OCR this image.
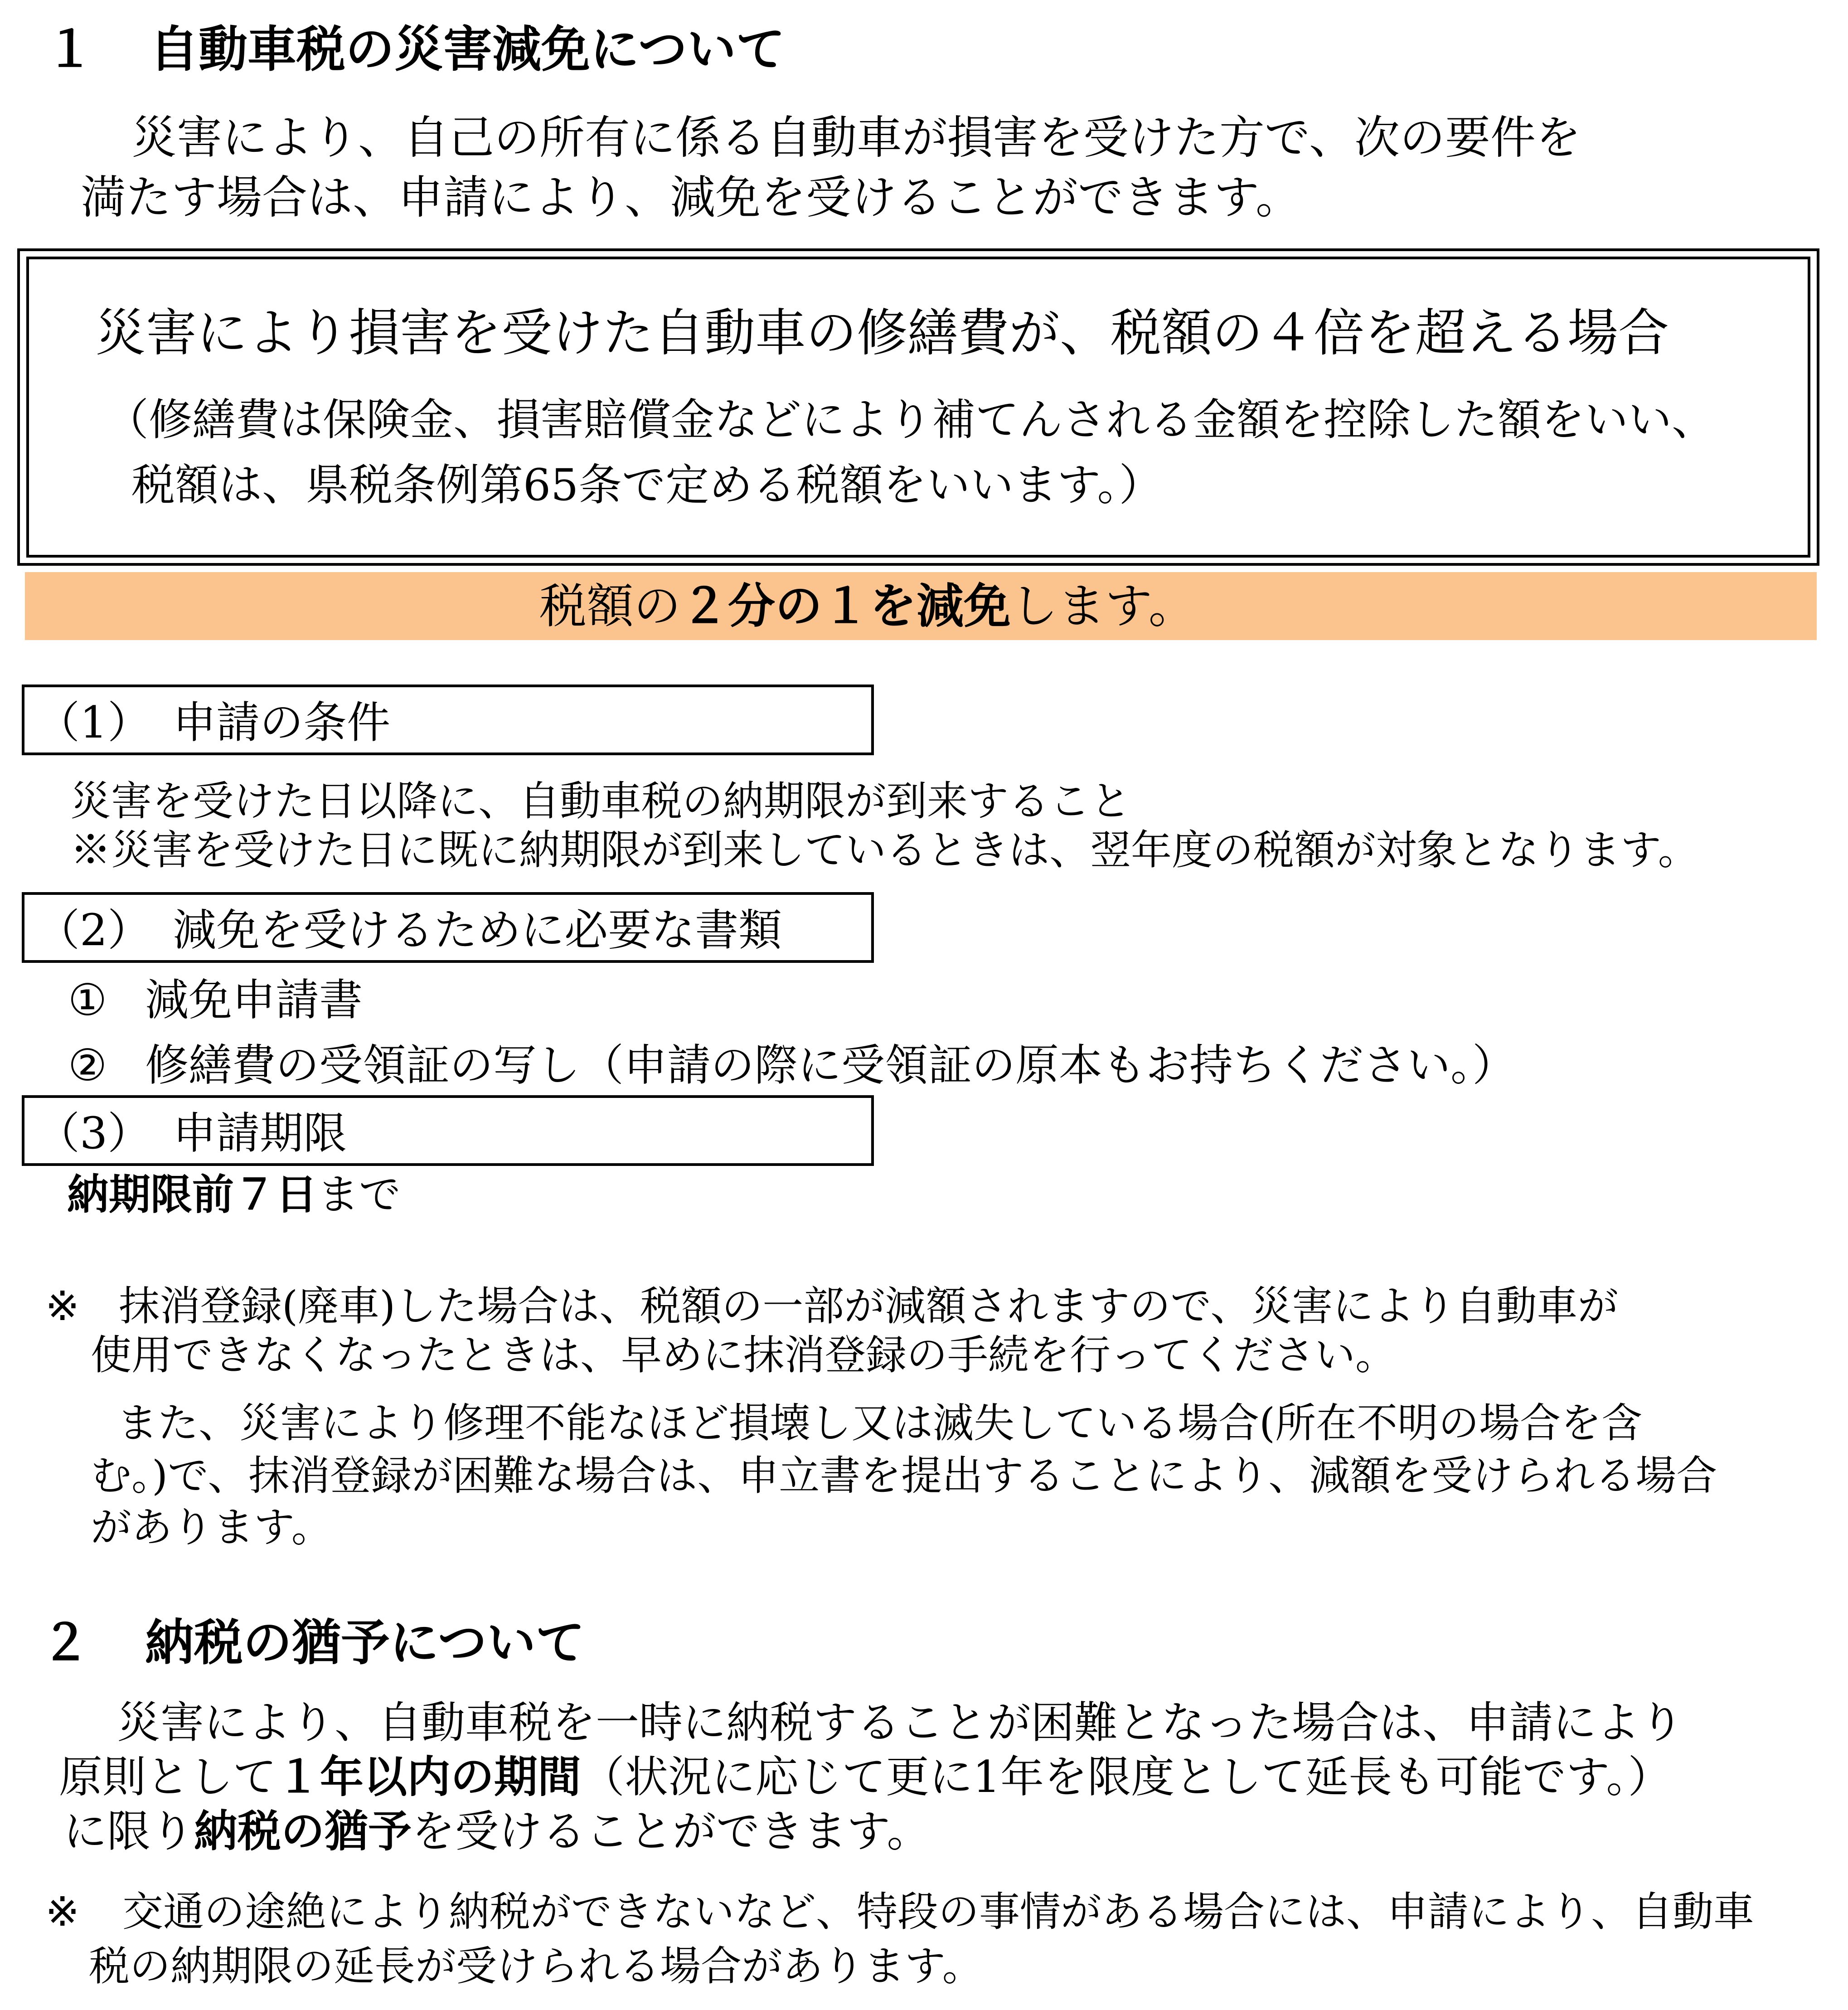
１ 自動車税の災害減免について
災害により、自己の所有に係る自動車が損害を受けた方で、次の要件を
満たす場合は、申請により、減免を受けることができます。
災害により損害を受けた自動車の修繕費が、税額の４倍を超える場合
（修繕費は保険金、損害賠償金などにより補てんされる金額を控除した額をいい、
税額は、県税条例第65条で定める税額をいいます。）
税額の２分の１を減免します。
（1）　申請の条件
災害を受けた日以降に、自動車税の納期限が到来すること
※災害を受けた日に既に納期限が到来しているときは、翌年度の税額が対象となります。
（2）　減免を受けるために必要な書類
① 減免申請書
② 修繕費の受領証の写し（申請の際に受領証の原本もお持ちください。）
（3）　申請期限
納期限前７日まで
※ 抹消登録(廃車)した場合は、税額の一部が減額されますので、災害により自動車が
使用できなくなったときは、早めに抹消登録の手続を行ってください。
また、災害により修理不能なほど損壊し又は滅失している場合(所在不明の場合を含
む。)で、抹消登録が困難な場合は、申立書を提出することにより、減額を受けられる場合
があります。
２ 納税の猶予について
災害により、自動車税を一時に納税することが困難となった場合は、申請により
原則として１年以内の期間（状況に応じて更に1年を限度として延長も可能です。）
に限り納税の猶予を受けることができます。
※ 交通の途絶により納税ができないなど、特段の事情がある場合には、申請により、自動車
税の納期限の延長が受けられる場合があります。
